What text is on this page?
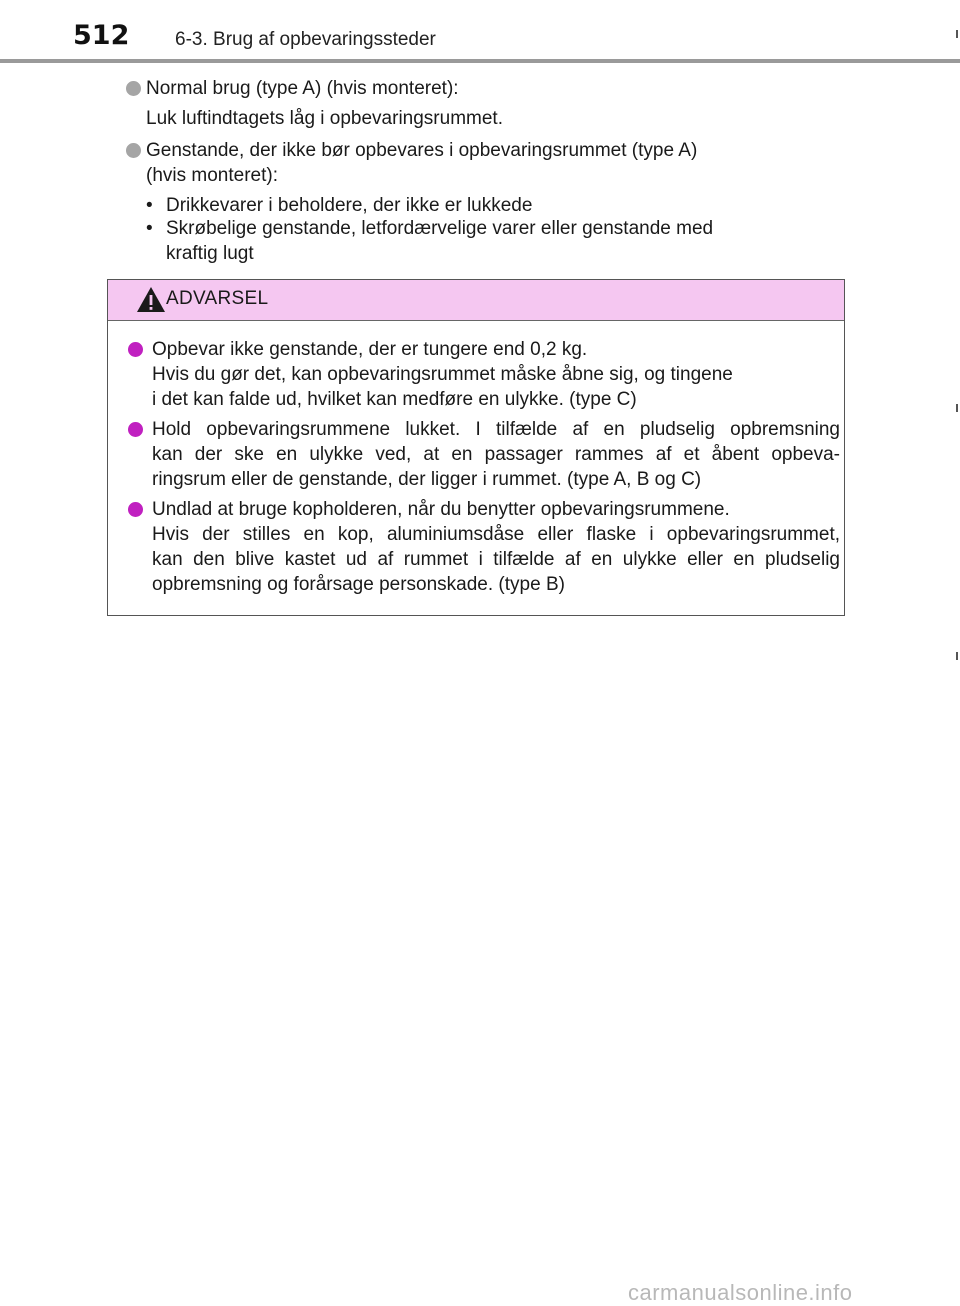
512 6-3. Brug af opbevaringssteder
Normal brug (type A) (hvis monteret):
Luk luftindtagets låg i opbevaringsrummet.
Genstande, der ikke bør opbevares i opbevaringsrummet (type A)
(hvis monteret):
• Drikkevarer i beholdere, der ikke er lukkede
• Skrøbelige genstande, letfordærvelige varer eller genstande med
kraftig lugt
ADVARSEL
Opbevar ikke genstande, der er tungere end 0,2 kg.
Hvis du gør det, kan opbevaringsrummet måske åbne sig, og tingene
i det kan falde ud, hvilket kan medføre en ulykke. (type C)
Hold opbevaringsrummene lukket. I tilfælde af en pludselig opbremsning
kan der ske en ulykke ved, at en passager rammes af et åbent opbeva-
ringsrum eller de genstande, der ligger i rummet. (type A, B og C)
Undlad at bruge kopholderen, når du benytter opbevaringsrummene.
Hvis der stilles en kop, aluminiumsdåse eller flaske i opbevaringsrummet,
kan den blive kastet ud af rummet i tilfælde af en ulykke eller en pludselig
opbremsning og forårsage personskade. (type B)
carmanualsonline.info
